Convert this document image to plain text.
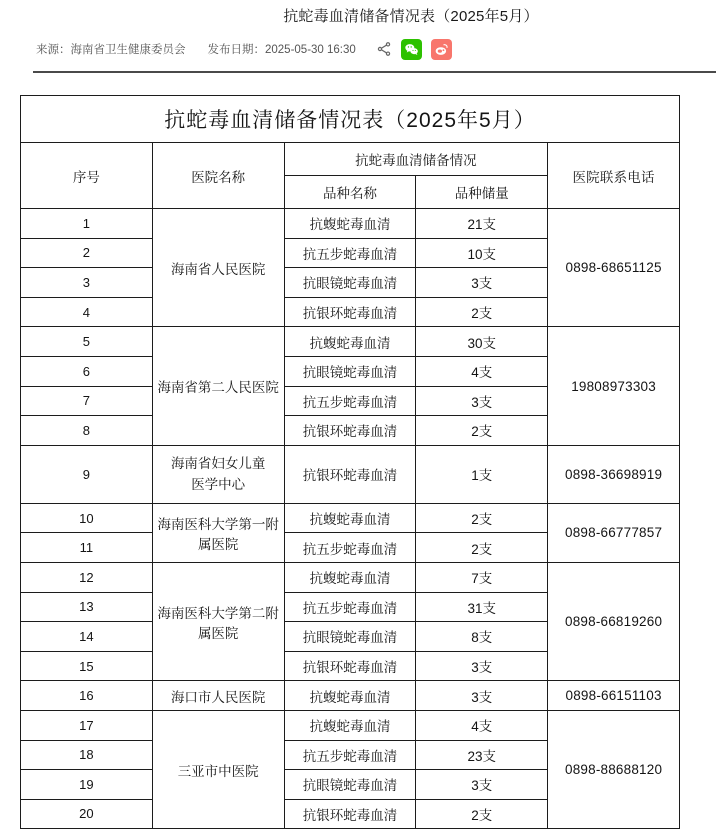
抗蛇毒血清储备情况表（2025年5月）
来源：海南省卫生健康委员会 发布日期：2025-05-30 16:30
抗蛇毒血清储备情况表（2025年5月）				
序号	医院名称	抗蛇毒血清储备情况		医院联系电话
		品种名称	品种储量	
1	海南省人民医院	抗蝮蛇毒血清	21支	0898-68651125
2		抗五步蛇毒血清	10支	
3		抗眼镜蛇毒血清	3支	
4		抗银环蛇毒血清	2支	
5	海南省第二人民医院	抗蝮蛇毒血清	30支	19808973303
6		抗眼镜蛇毒血清	4支	
7		抗五步蛇毒血清	3支	
8		抗银环蛇毒血清	2支	
9	海南省妇女儿童
医学中心	抗银环蛇毒血清	1支	0898-36698919
10	海南医科大学第一附属医院	抗蝮蛇毒血清	2支	0898-66777857
11		抗五步蛇毒血清	2支	
12	海南医科大学第二附属医院	抗蝮蛇毒血清	7支	0898-66819260
13		抗五步蛇毒血清	31支	
14		抗眼镜蛇毒血清	8支	
15		抗银环蛇毒血清	3支	
16	海口市人民医院	抗蝮蛇毒血清	3支	0898-66151103
17	三亚市中医院	抗蝮蛇毒血清	4支	0898-88688120
18		抗五步蛇毒血清	23支	
19		抗眼镜蛇毒血清	3支	
20		抗银环蛇毒血清	2支	
